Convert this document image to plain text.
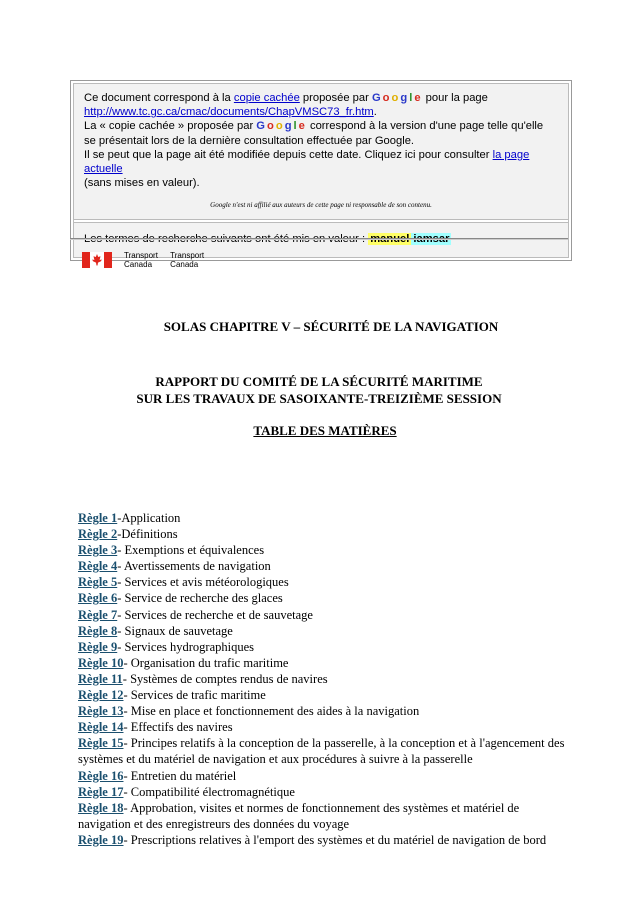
Ce document correspond à la copie cachée proposée par Google pour la page
http://www.tc.gc.ca/cmac/documents/ChapVMSC73_fr.htm.
La « copie cachée » proposée par Google correspond à la version d'une page telle qu'elle se présentait lors de la dernière consultation effectuée par Google.
Il se peut que la page ait été modifiée depuis cette date. Cliquez ici pour consulter la page actuelle
(sans mises en valeur).
Google n'est ni affilié aux auteurs de cette page ni responsable de son contenu.
Transport
Canada Transport
Canada
SOLAS CHAPITRE V – SÉCURITÉ DE LA NAVIGATION
RAPPORT DU COMITÉ DE LA SÉCURITÉ MARITIME
SUR LES TRAVAUX DE SASOIXANTE-TREIZIÈME SESSION
TABLE DES MATIÈRES
Règle 1-Application
Règle 2-Définitions
Règle 3- Exemptions et équivalences
Règle 4- Avertissements de navigation
Règle 5- Services et avis météorologiques
Règle 6- Service de recherche des glaces
Règle 7- Services de recherche et de sauvetage
Règle 8- Signaux de sauvetage
Règle 9- Services hydrographiques
Règle 10- Organisation du trafic maritime
Règle 11- Systèmes de comptes rendus de navires
Règle 12- Services de trafic maritime
Règle 13- Mise en place et fonctionnement des aides à la navigation
Règle 14- Effectifs des navires
Règle 15- Principes relatifs à la conception de la passerelle, à la conception et à l'agencement des systèmes et du matériel de navigation et aux procédures à suivre à la passerelle
Règle 16- Entretien du matériel
Règle 17- Compatibilité électromagnétique
Règle 18- Approbation, visites et normes de fonctionnement des systèmes et matériel de navigation et des enregistreurs des données du voyage
Règle 19- Prescriptions relatives à l'emport des systèmes et du matériel de navigation de bord
